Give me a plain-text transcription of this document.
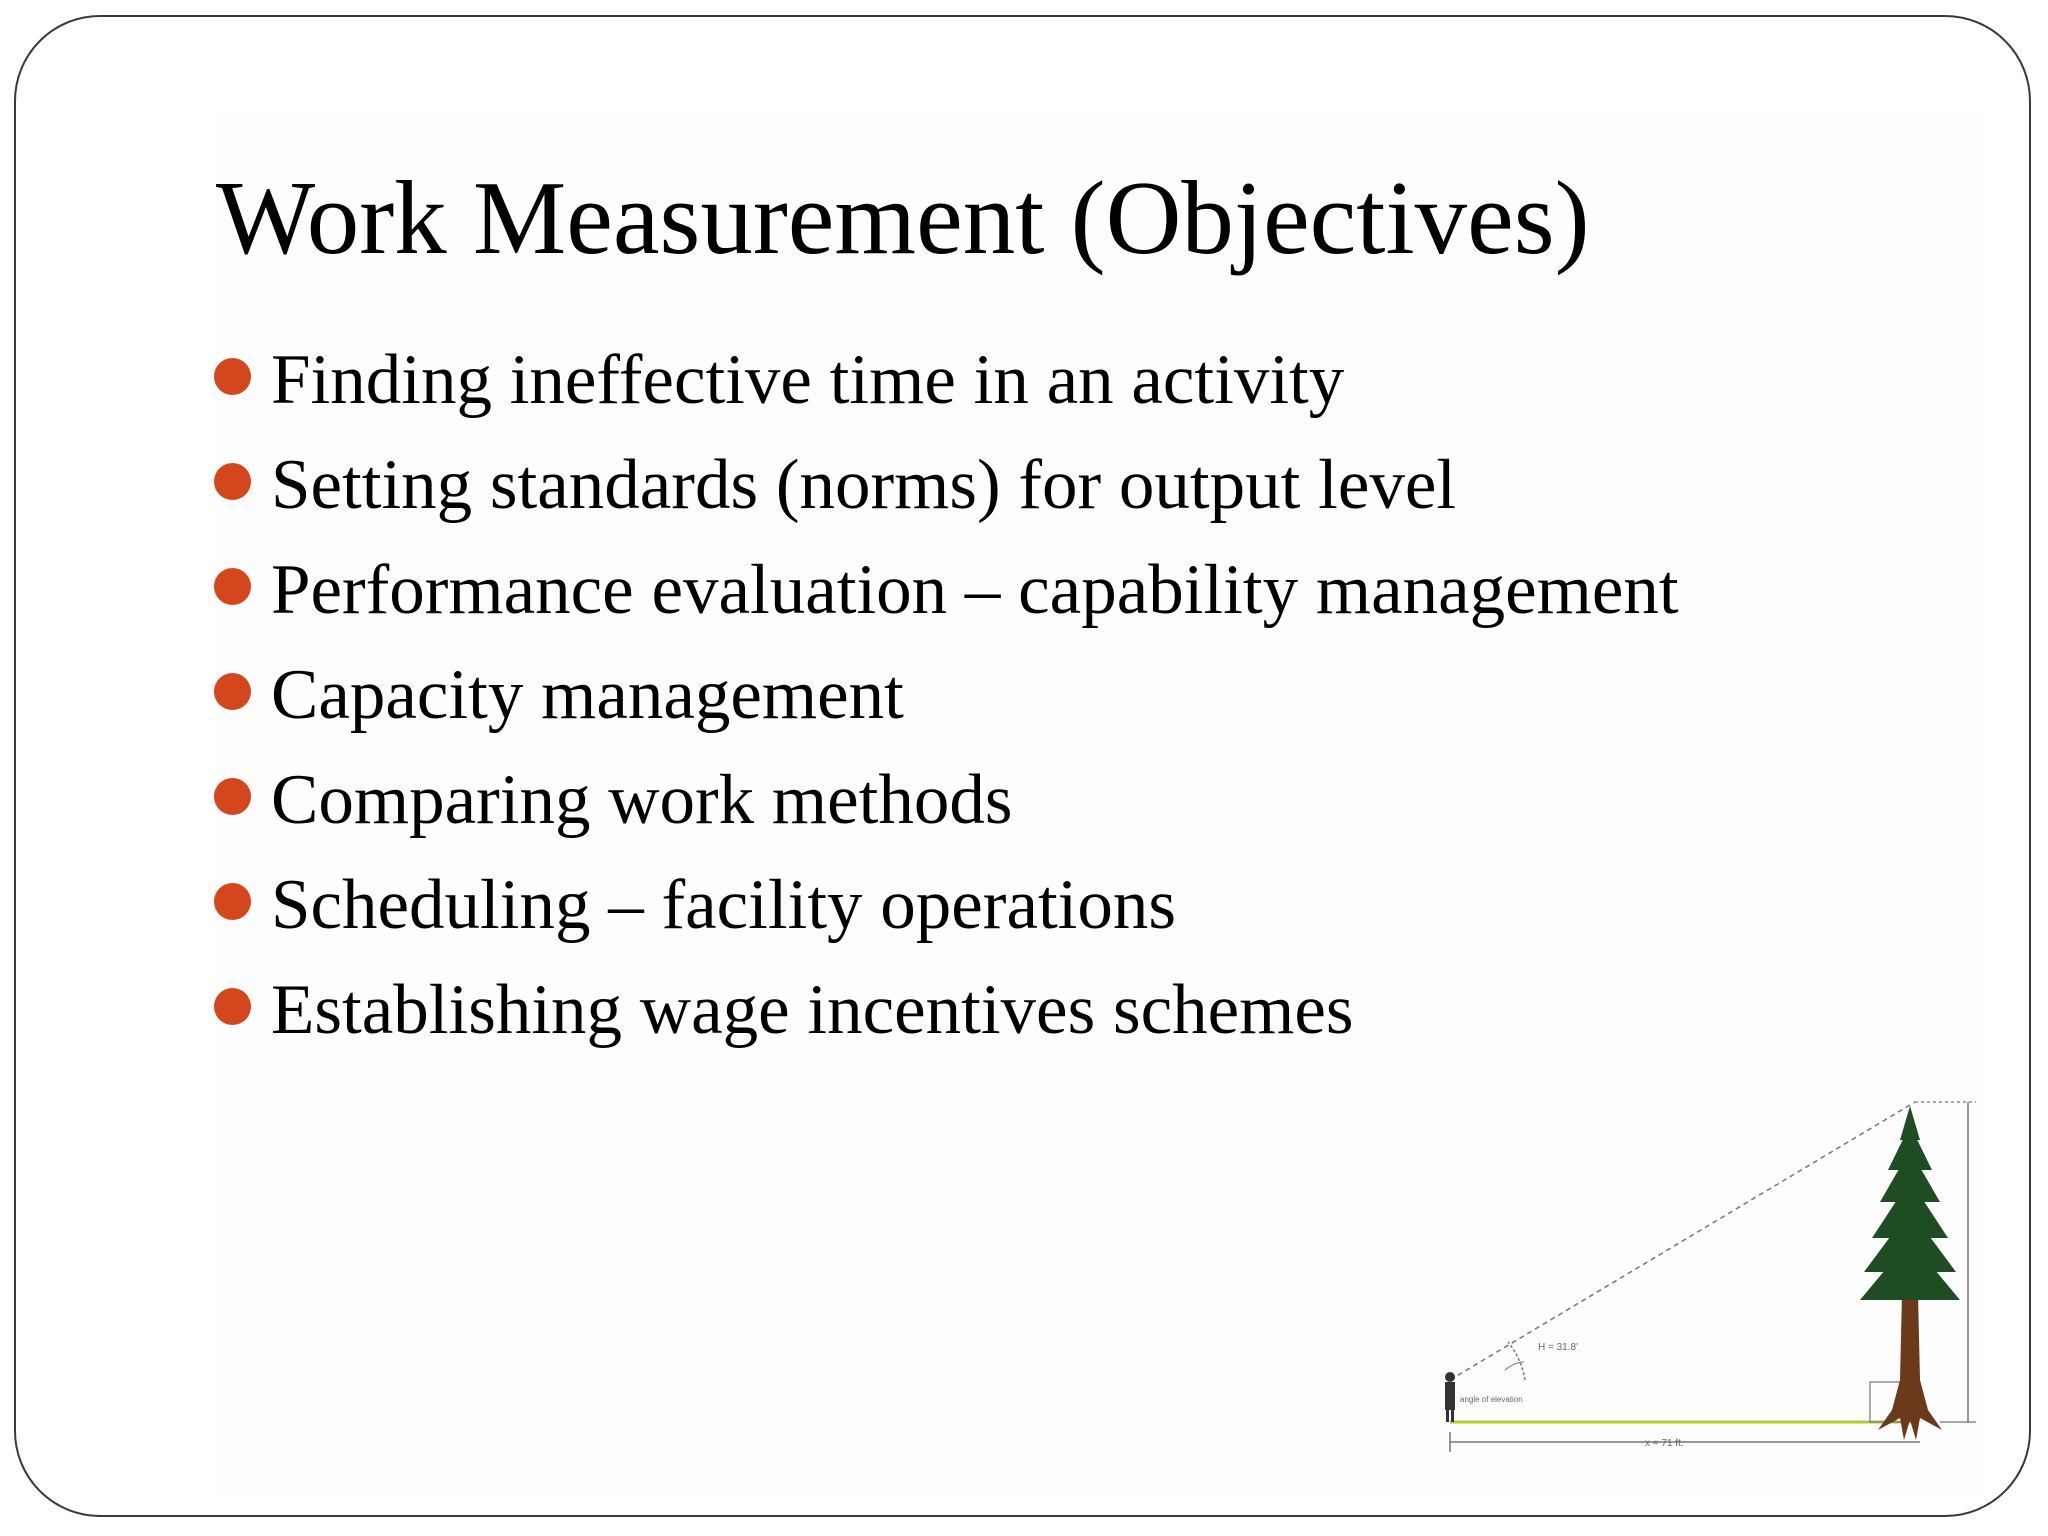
Work Measurement (Objectives)
Finding ineffective time in an activity
Setting standards (norms) for output level
Performance evaluation – capability management
Capacity management
Comparing work methods
Scheduling – facility operations
Establishing wage incentives schemes
angle of elevation
H = 31.8'
x = 71 ft.
